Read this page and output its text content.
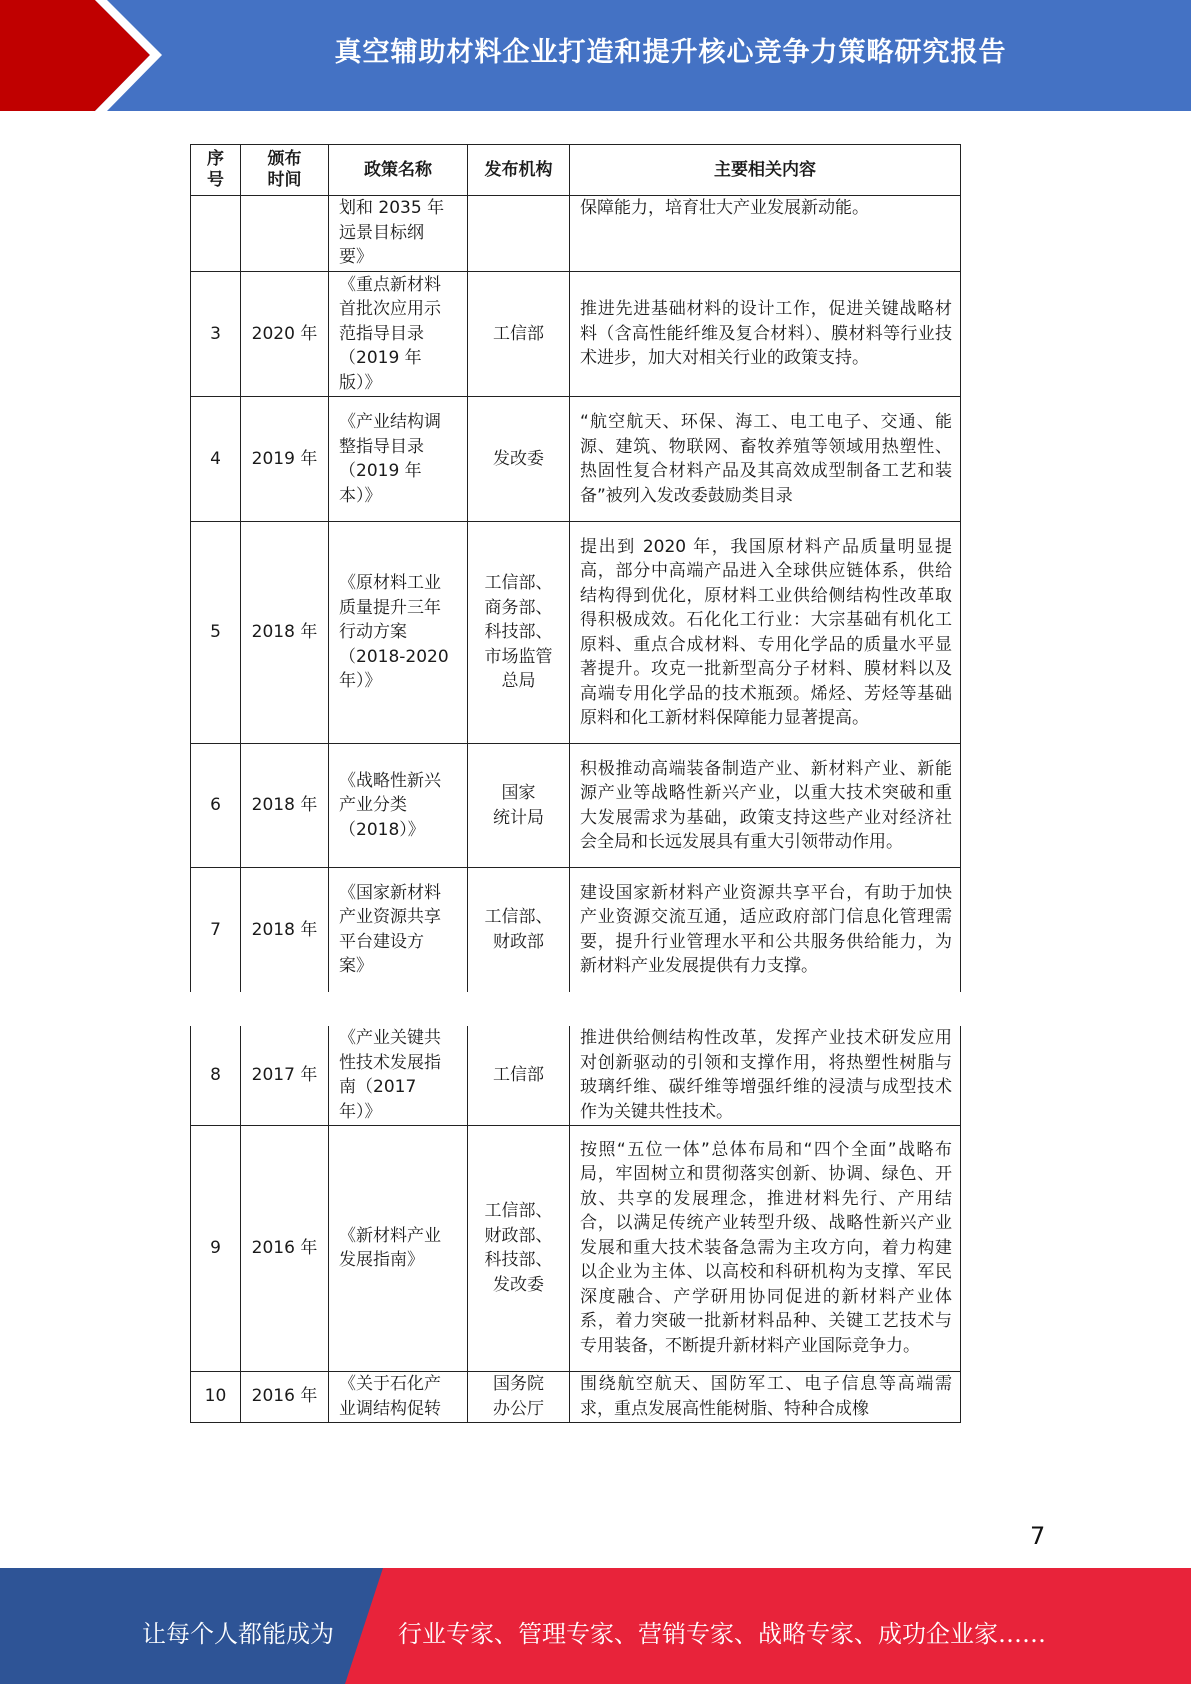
真空辅助材料企业打造和提升核心竞争力策略研究报告
序
号	颁布
时间	政策名称	发布机构	主要相关内容
		划和 2035 年
远景目标纲
要》		保障能力，培育壮大产业发展新动能。
3	2020 年	《重点新材料
首批次应用示
范指导目录
（2019 年
版）》	工信部	推进先进基础材料的设计工作，促进关键战略材料（含高性能纤维及复合材料）、膜材料等行业技术进步，加大对相关行业的政策支持。
4	2019 年	《产业结构调
整指导目录
（2019 年
本）》	发改委	“航空航天、环保、海工、电工电子、交通、能源、建筑、物联网、畜牧养殖等领域用热塑性、热固性复合材料产品及其高效成型制备工艺和装备”被列入发改委鼓励类目录
5	2018 年	《原材料工业
质量提升三年
行动方案
（2018-2020
年）》	工信部、
商务部、
科技部、
市场监管
总局	提出到 2020 年，我国原材料产品质量明显提高，部分中高端产品进入全球供应链体系，供给结构得到优化，原材料工业供给侧结构性改革取得积极成效。石化化工行业：大宗基础有机化工原料、重点合成材料、专用化学品的质量水平显著提升。攻克一批新型高分子材料、膜材料以及高端专用化学品的技术瓶颈。烯烃、芳烃等基础原料和化工新材料保障能力显著提高。
6	2018 年	《战略性新兴
产业分类
（2018）》	国家
统计局	积极推动高端装备制造产业、新材料产业、新能源产业等战略性新兴产业，以重大技术突破和重大发展需求为基础，政策支持这些产业对经济社会全局和长远发展具有重大引领带动作用。
7	2018 年	《国家新材料
产业资源共享
平台建设方
案》	工信部、
财政部	建设国家新材料产业资源共享平台，有助于加快产业资源交流互通，适应政府部门信息化管理需要，提升行业管理水平和公共服务供给能力，为新材料产业发展提供有力支撑。
8	2017 年	《产业关键共
性技术发展指
南（2017
年）》	工信部	推进供给侧结构性改革，发挥产业技术研发应用对创新驱动的引领和支撑作用，将热塑性树脂与玻璃纤维、碳纤维等增强纤维的浸渍与成型技术作为关键共性技术。
9	2016 年	《新材料产业
发展指南》	工信部、
财政部、
科技部、
发改委	按照“五位一体”总体布局和“四个全面”战略布局，牢固树立和贯彻落实创新、协调、绿色、开放、共享的发展理念，推进材料先行、产用结合，以满足传统产业转型升级、战略性新兴产业发展和重大技术装备急需为主攻方向，着力构建以企业为主体、以高校和科研机构为支撑、军民深度融合、产学研用协同促进的新材料产业体系，着力突破一批新材料品种、关键工艺技术与专用装备，不断提升新材料产业国际竞争力。
10	2016 年	《关于石化产
业调结构促转	国务院
办公厅	围绕航空航天、国防军工、电子信息等高端需求，重点发展高性能树脂、特种合成橡
7
让每个人都能成为	行业专家、管理专家、营销专家、战略专家、成功企业家……
